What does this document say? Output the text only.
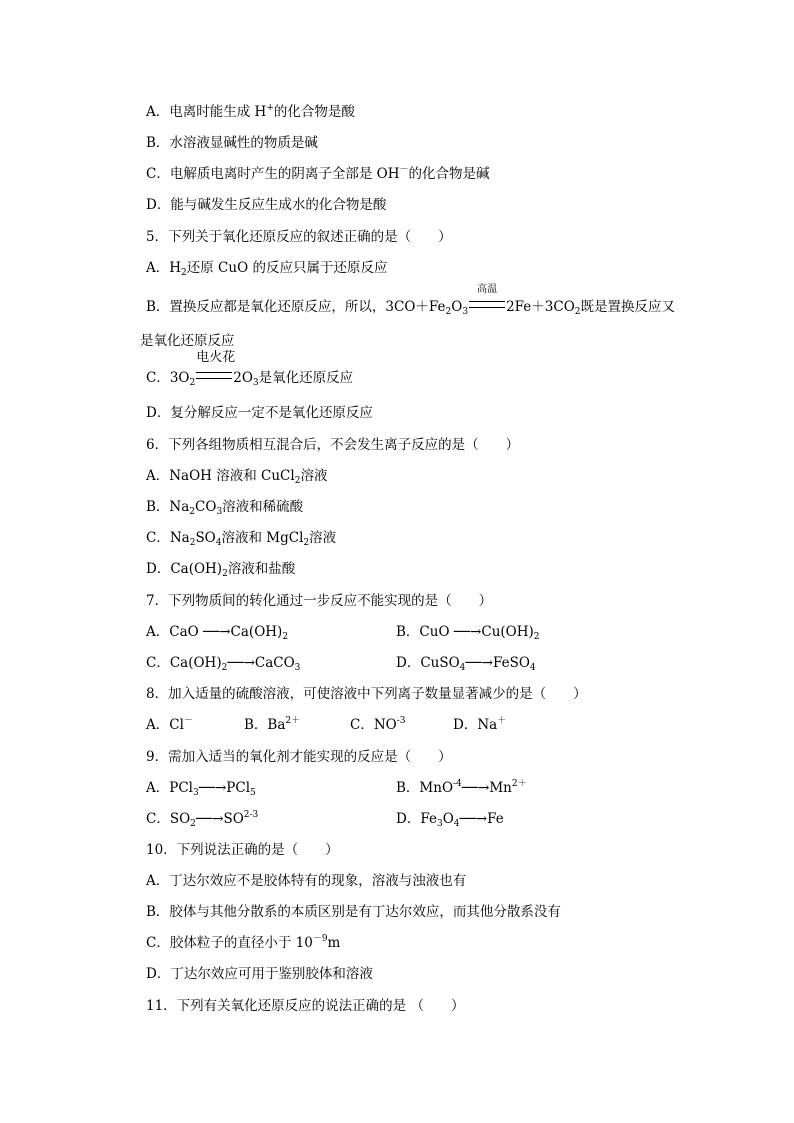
A．电离时能生成 H+的化合物是酸
B．水溶液显碱性的物质是碱
C．电解质电离时产生的阴离子全部是 OH－的化合物是碱
D．能与碱发生反应生成水的化合物是酸
5．下列关于氧化还原反应的叙述正确的是（　　）
A．$H_2$还原 CuO 的反应只属于还原反应
B．置换反应都是氧化还原反应，所以，$3CO+Fe_2O_3$
高温
$2Fe+3CO_2$既是置换反应又
是氧化还原反应
C．$3O_2$
电火花
$2O_3$是氧化还原反应
D．复分解反应一定不是氧化还原反应
6．下列各组物质相互混合后，不会发生离子反应的是（　　）
A．NaOH 溶液和 CuCl$_2$溶液
B．$Na_2CO_3$溶液和稀硫酸
C．$Na_2SO_4$溶液和 MgCl$_2$溶液
D．$Ca(OH)_2$溶液和盐酸
7．下列物质间的转化通过一步反应不能实现的是（　　）
A．CaO $──\to Ca(OH)_2$	B．CuO $──\to Cu(OH)_2$
C．$Ca(OH)_2──\to CaCO_3$	D．CuSO$_4$──→FeSO$_4$
8．加入适量的硫酸溶液，可使溶液中下列离子数量显著减少的是（　　）
A．Cl－	B．$Ba^{2+}$	C．$NO^{-3}$	D．Na＋
9．需加入适当的氧化剂才能实现的反应是（　　）
A．PCl$_3$──→PCl$_5$	B．$MnO^{-4}──\to Mn^{2+}$
C．$SO_2──\to SO^{2-3}$	D．$Fe_3O_4──\to Fe$
10．下列说法正确的是（　　）
A．丁达尔效应不是胶体特有的现象，溶液与浊液也有
B．胶体与其他分散系的本质区别是有丁达尔效应，而其他分散系没有
C．胶体粒子的直径小于 $10^{-9}m$
D．丁达尔效应可用于鉴别胶体和溶液
11．下列有关氧化还原反应的说法正确的是 （　　）
